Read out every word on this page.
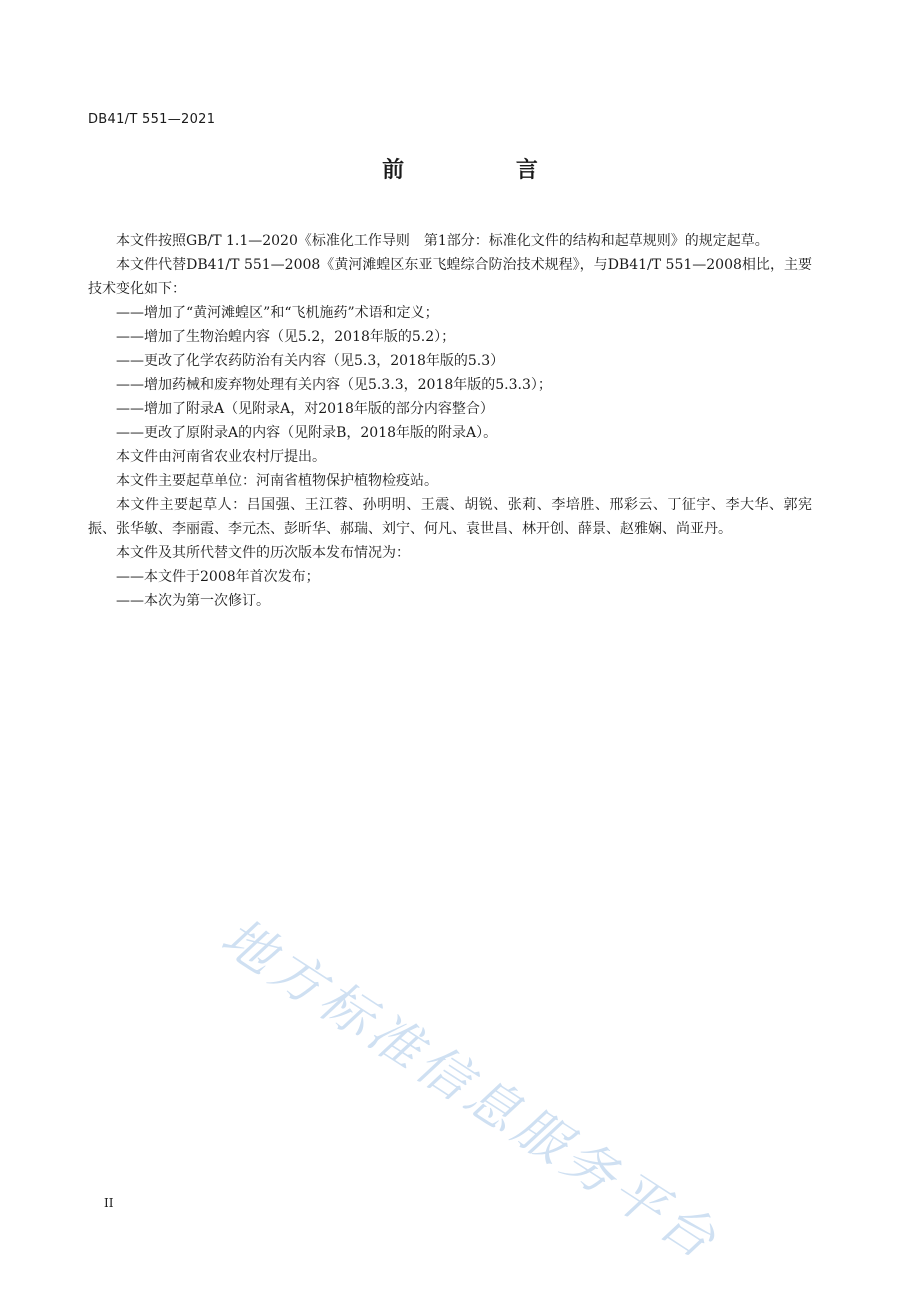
DB41/T 551—2021
前 言

本文件按照GB/T 1.1—2020《标准化工作导则　第1部分：标准化文件的结构和起草规则》的规定起草。

本文件代替DB41/T 551—2008《黄河滩蝗区东亚飞蝗综合防治技术规程》，与DB41/T 551—2008相比，主要技术变化如下：

——增加了“黄河滩蝗区”和“飞机施药”术语和定义；

——增加了生物治蝗内容（见5.2，2018年版的5.2）；

——更改了化学农药防治有关内容（见5.3，2018年版的5.3）

——增加药械和废弃物处理有关内容（见5.3.3，2018年版的5.3.3）；

——增加了附录A（见附录A，对2018年版的部分内容整合）

——更改了原附录A的内容（见附录B，2018年版的附录A）。

本文件由河南省农业农村厅提出。

本文件主要起草单位：河南省植物保护植物检疫站。

本文件主要起草人：吕国强、王江蓉、孙明明、王震、胡锐、张莉、李培胜、邢彩云、丁征宇、李大华、郭宪振、张华敏、李丽霞、李元杰、彭昕华、郝瑞、刘宁、何凡、袁世昌、林开创、薛景、赵雅娴、尚亚丹。

本文件及其所代替文件的历次版本发布情况为：

——本文件于2008年首次发布；

——本次为第一次修订。

地方标准信息服务平台
II
